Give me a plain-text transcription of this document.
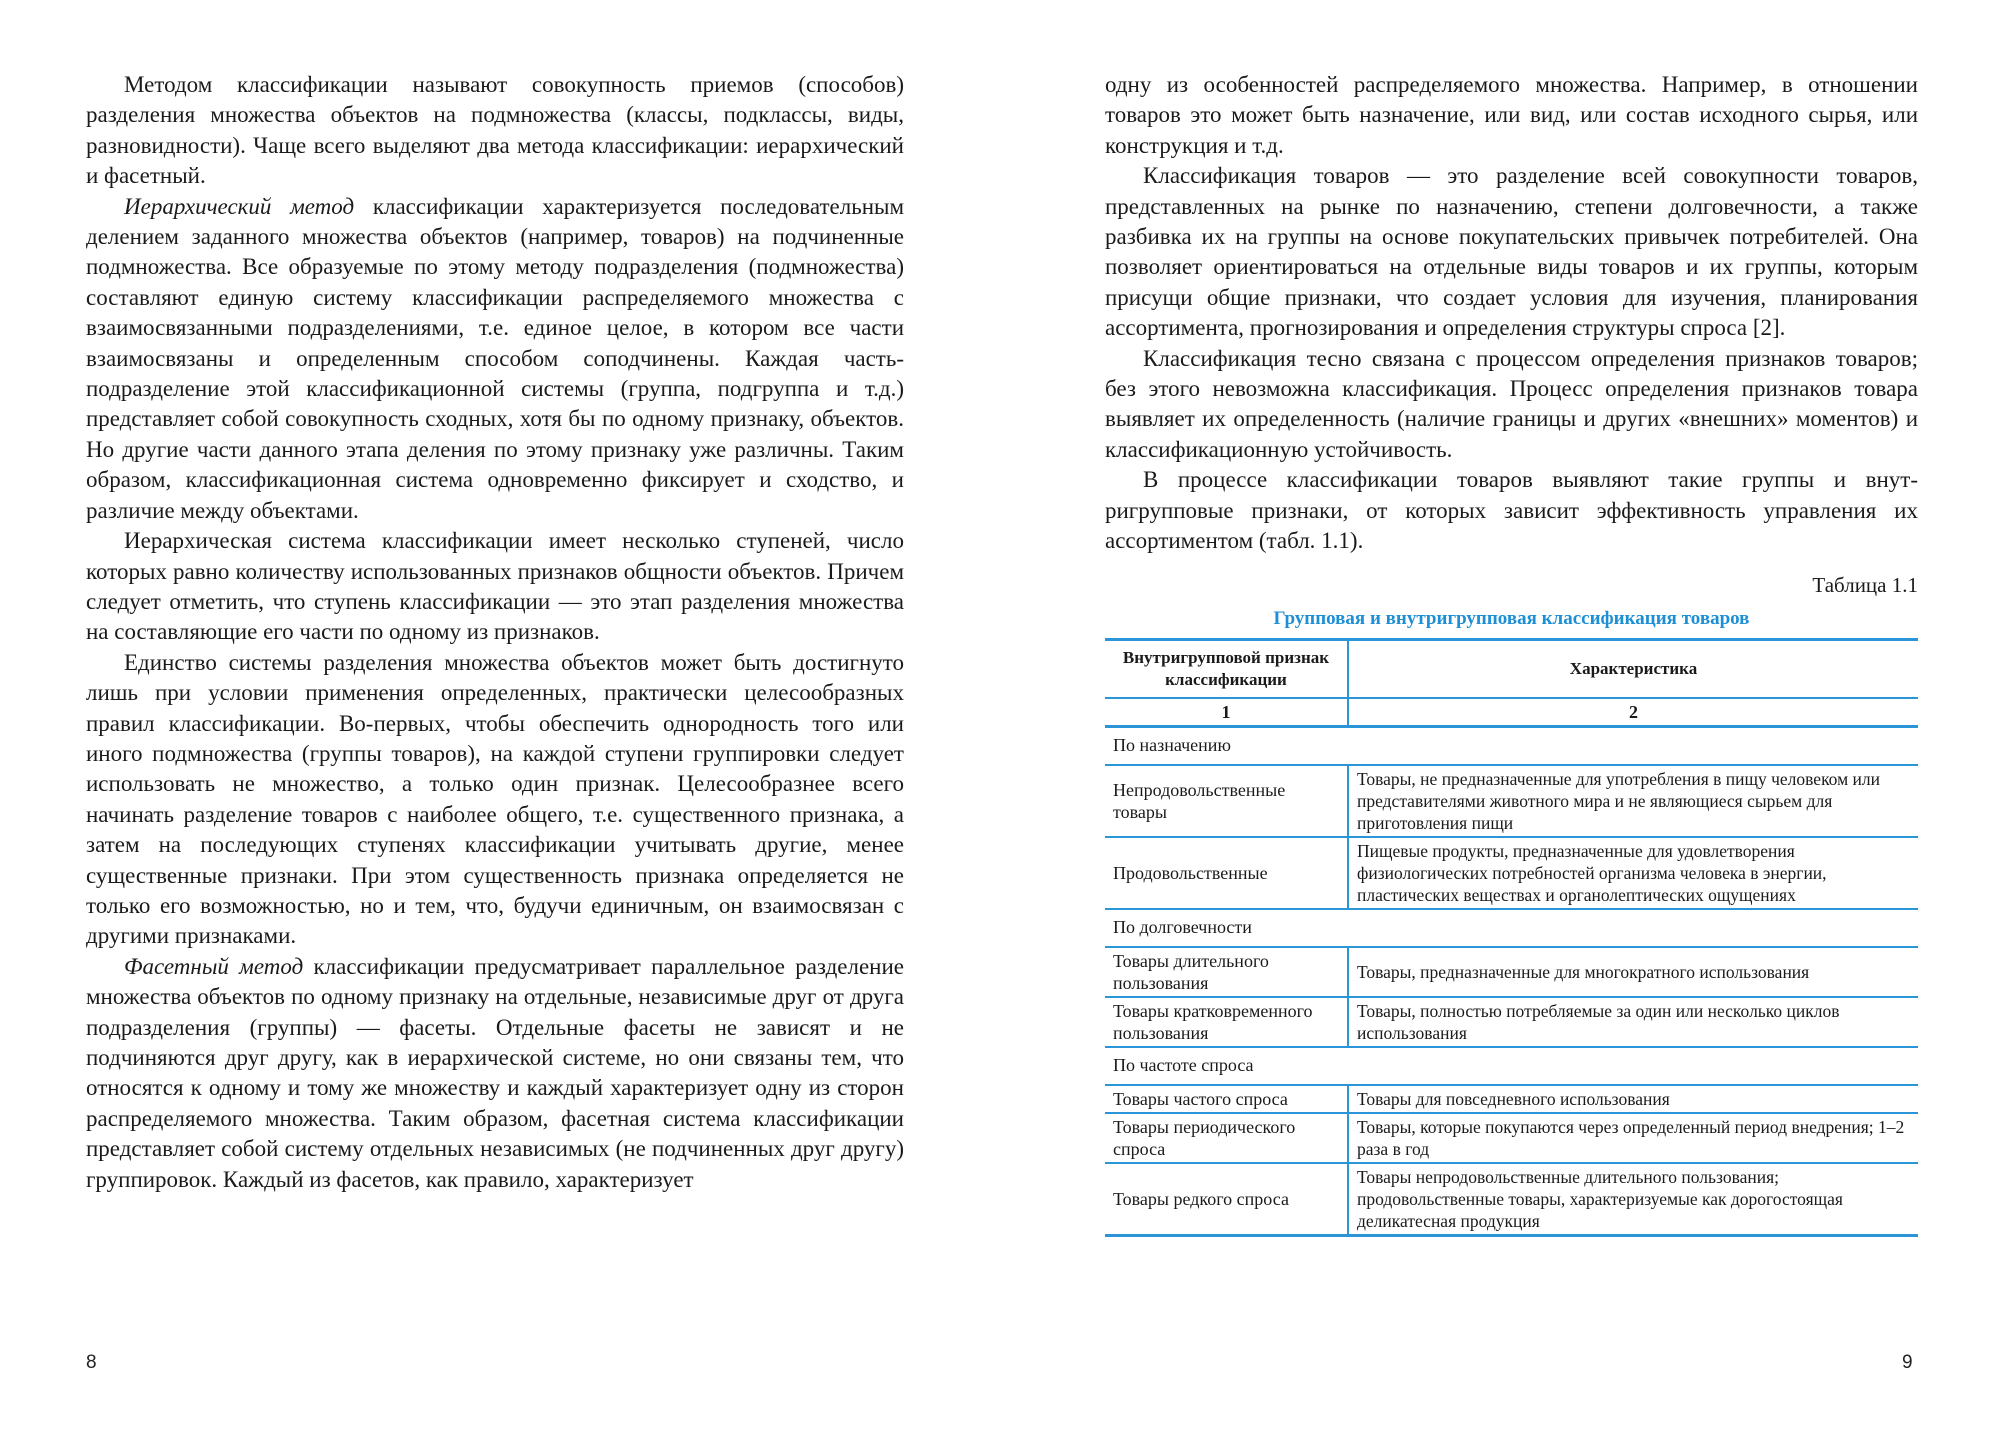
Методом классификации называют совокупность приемов (способов) разделения множества объектов на подмножества (классы, подклассы, виды, разновидности). Чаще всего выделяют два метода классификации: иерархический и фасетный.

Иерархический метод классификации характеризуется последовательным делением заданного множества объектов (например, товаров) на подчиненные подмножества. Все образуемые по этому методу подразделения (подмножества) составляют единую систему классификации распределяемого множества с взаимосвязанными подразделениями, т.е. единое целое, в котором все части взаимосвязаны и определенным способом соподчинены. Каждая часть-подразделение этой классификационной системы (группа, подгруппа и т.д.) представляет собой совокупность сходных, хотя бы по одному признаку, объектов. Но другие части данного этапа деления по этому признаку уже различны. Таким образом, классификационная система одновременно фиксирует и сходство, и различие между объектами.

Иерархическая система классификации имеет несколько ступеней, число которых равно количеству использованных признаков общности объектов. Причем следует отметить, что ступень классификации — это этап разделения множества на составляющие его части по одному из признаков.

Единство системы разделения множества объектов может быть достигнуто лишь при условии применения определенных, практически целесообразных правил классификации. Во-первых, чтобы обеспечить однородность того или иного подмножества (группы товаров), на каждой ступени группировки следует использовать не множество, а только один признак. Целесообразнее всего начинать разделение товаров с наиболее общего, т.е. существенного признака, а затем на последующих ступенях классификации учитывать другие, менее существенные признаки. При этом существенность признака определяется не только его возможностью, но и тем, что, будучи единичным, он взаимосвязан с другими признаками.

Фасетный метод классификации предусматривает параллельное разделение множества объектов по одному признаку на отдельные, независимые друг от друга подразделения (группы) — фасеты. Отдельные фасеты не зависят и не подчиняются друг другу, как в иерархической системе, но они связаны тем, что относятся к одному и тому же множеству и каждый характеризует одну из сторон распределяемого множества. Таким образом, фасетная система классификации представляет собой систему отдельных независимых (не подчиненных друг другу) группировок. Каждый из фасетов, как правило, характеризует

8

одну из особенностей распределяемого множества. Например, в отношении товаров это может быть назначение, или вид, или состав исходного сырья, или конструкция и т.д.

Классификация товаров — это разделение всей совокупности товаров, представленных на рынке по назначению, степени долговечности, а также разбивка их на группы на основе покупательских привычек потребителей. Она позволяет ориентироваться на отдельные виды товаров и их группы, которым присущи общие признаки, что создает условия для изучения, планирования ассортимента, прогнозирования и определения структуры спроса [2].

Классификация тесно связана с процессом определения признаков товаров; без этого невозможна классификация. Процесс определения признаков товара выявляет их определенность (наличие границы и других «внешних» моментов) и классификационную устойчивость.

В процессе классификации товаров выявляют такие группы и внутригрупповые признаки, от которых зависит эффективность управления их ассортиментом (табл. 1.1).

Таблица 1.1
Групповая и внутригрупповая классификация товаров
Внутригрупповой признак классификации	Характеристика
1	2
По назначению	
Непродовольственные товары	Товары, не предназначенные для употребления в пищу человеком или представителями животного мира и не являющиеся сырьем для приготовления пищи
Продовольственные	Пищевые продукты, предназначенные для удовлетворения физиологических потребностей организма человека в энергии, пластических веществах и органолептических ощущениях
По долговечности	
Товары длительного пользования	Товары, предназначенные для многократного использования
Товары кратковременного пользования	Товары, полностью потребляемые за один или несколько циклов использования
По частоте спроса	
Товары частого спроса	Товары для повседневного использования
Товары периодического спроса	Товары, которые покупаются через определенный период внедрения; 1–2 раза в год
Товары редкого спроса	Товары непродовольственные длительного пользования; продовольственные товары, характеризуемые как дорогостоящая деликатесная продукция
9
